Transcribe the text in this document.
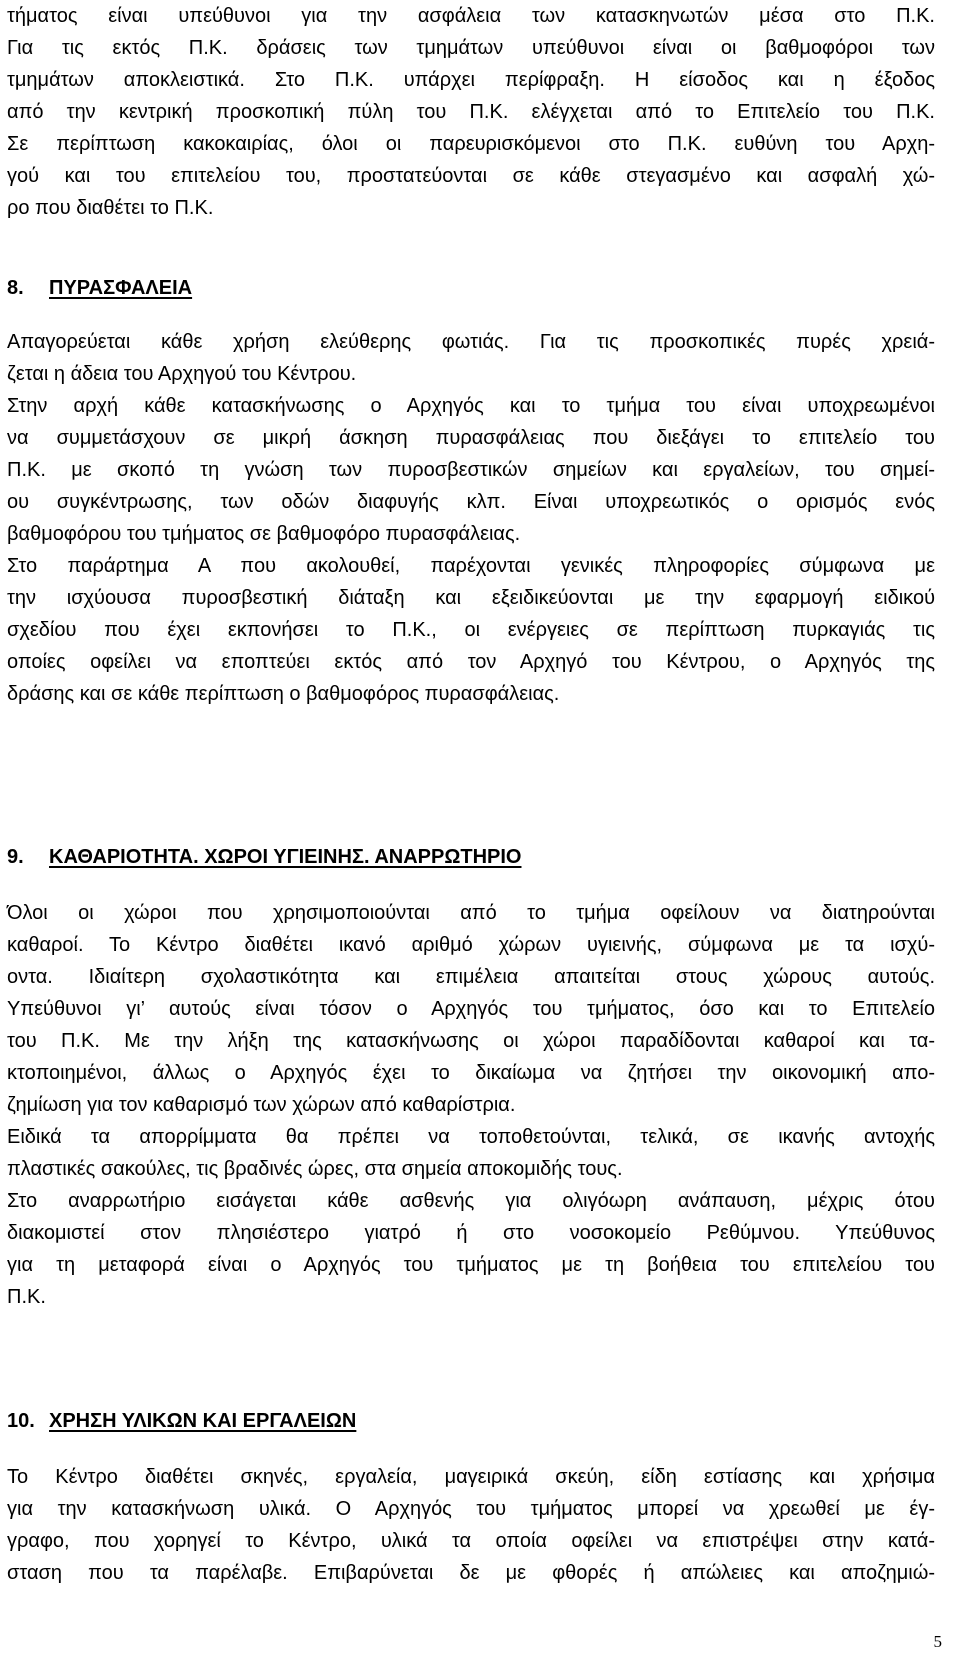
τήματος είναι υπεύθυνοι για την ασφάλεια των κατασκηνωτών μέσα στο Π.Κ.
Για τις εκτός Π.Κ. δράσεις των τμημάτων υπεύθυνοι είναι οι βαθμοφόροι των
τμημάτων αποκλειστικά. Στο Π.Κ. υπάρχει περίφραξη. Η είσοδος και η έξοδος
από την κεντρική προσκοπική πύλη του Π.Κ. ελέγχεται από το Επιτελείο του Π.Κ.
Σε περίπτωση κακοκαιρίας, όλοι οι παρευρισκόμενοι στο Π.Κ. ευθύνη του Αρχη-
γού και του επιτελείου του, προστατεύονται σε κάθε στεγασμένο και ασφαλή χώ-
ρο που διαθέτει το Π.Κ.
8. ΠΥΡΑΣΦΑΛΕΙΑ
Απαγορεύεται κάθε χρήση ελεύθερης φωτιάς. Για τις προσκοπικές πυρές χρειά-
ζεται η άδεια του Αρχηγού του Κέντρου.
Στην αρχή κάθε κατασκήνωσης ο Αρχηγός και το τμήμα του είναι υποχρεωμένοι
να συμμετάσχουν σε μικρή άσκηση πυρασφάλειας που διεξάγει το επιτελείο του
Π.Κ. με σκοπό τη γνώση των πυροσβεστικών σημείων και εργαλείων, του σημεί-
ου συγκέντρωσης, των οδών διαφυγής κλπ. Είναι υποχρεωτικός ο ορισμός ενός
βαθμοφόρου του τμήματος σε βαθμοφόρο πυρασφάλειας.
Στο παράρτημα Α που ακολουθεί, παρέχονται γενικές πληροφορίες σύμφωνα με
την ισχύουσα πυροσβεστική διάταξη και εξειδικεύονται με την εφαρμογή ειδικού
σχεδίου που έχει εκπονήσει το Π.Κ., οι ενέργειες σε περίπτωση πυρκαγιάς τις
οποίες οφείλει να εποπτεύει εκτός από τον Αρχηγό του Κέντρου, ο Αρχηγός της
δράσης και σε κάθε περίπτωση ο βαθμοφόρος πυρασφάλειας.
9. ΚΑΘΑΡΙΟΤΗΤΑ. ΧΩΡΟΙ ΥΓΙΕΙΝΗΣ. ΑΝΑΡΡΩΤΗΡΙΟ
Όλοι οι χώροι που χρησιμοποιούνται από το τμήμα οφείλουν να διατηρούνται
καθαροί. Το Κέντρο διαθέτει ικανό αριθμό χώρων υγιεινής, σύμφωνα με τα ισχύ-
οντα. Ιδιαίτερη σχολαστικότητα και επιμέλεια απαιτείται στους χώρους αυτούς.
Υπεύθυνοι γι’ αυτούς είναι τόσον ο Αρχηγός του τμήματος, όσο και το Επιτελείο
του Π.Κ. Με την λήξη της κατασκήνωσης οι χώροι παραδίδονται καθαροί και τα-
κτοποιημένοι, άλλως ο Αρχηγός έχει το δικαίωμα να ζητήσει την οικονομική απο-
ζημίωση για τον καθαρισμό των χώρων από καθαρίστρια.
Ειδικά τα απορρίμματα θα πρέπει να τοποθετούνται, τελικά, σε ικανής αντοχής
πλαστικές σακούλες, τις βραδινές ώρες, στα σημεία αποκομιδής τους.
Στο αναρρωτήριο εισάγεται κάθε ασθενής για ολιγόωρη ανάπαυση, μέχρις ότου
διακομιστεί στον πλησιέστερο γιατρό ή στο νοσοκομείο Ρεθύμνου. Υπεύθυνος
για τη μεταφορά είναι ο Αρχηγός του τμήματος με τη βοήθεια του επιτελείου του
Π.Κ.
10. ΧΡΗΣΗ ΥΛΙΚΩΝ ΚΑΙ ΕΡΓΑΛΕΙΩΝ
Το Κέντρο διαθέτει σκηνές, εργαλεία, μαγειρικά σκεύη, είδη εστίασης και χρήσιμα
για την κατασκήνωση υλικά. Ο Αρχηγός του τμήματος μπορεί να χρεωθεί με έγ-
γραφο, που χορηγεί το Κέντρο, υλικά τα οποία οφείλει να επιστρέψει στην κατά-
σταση που τα παρέλαβε. Επιβαρύνεται δε με φθορές ή απώλειες και αποζημιώ-
5
